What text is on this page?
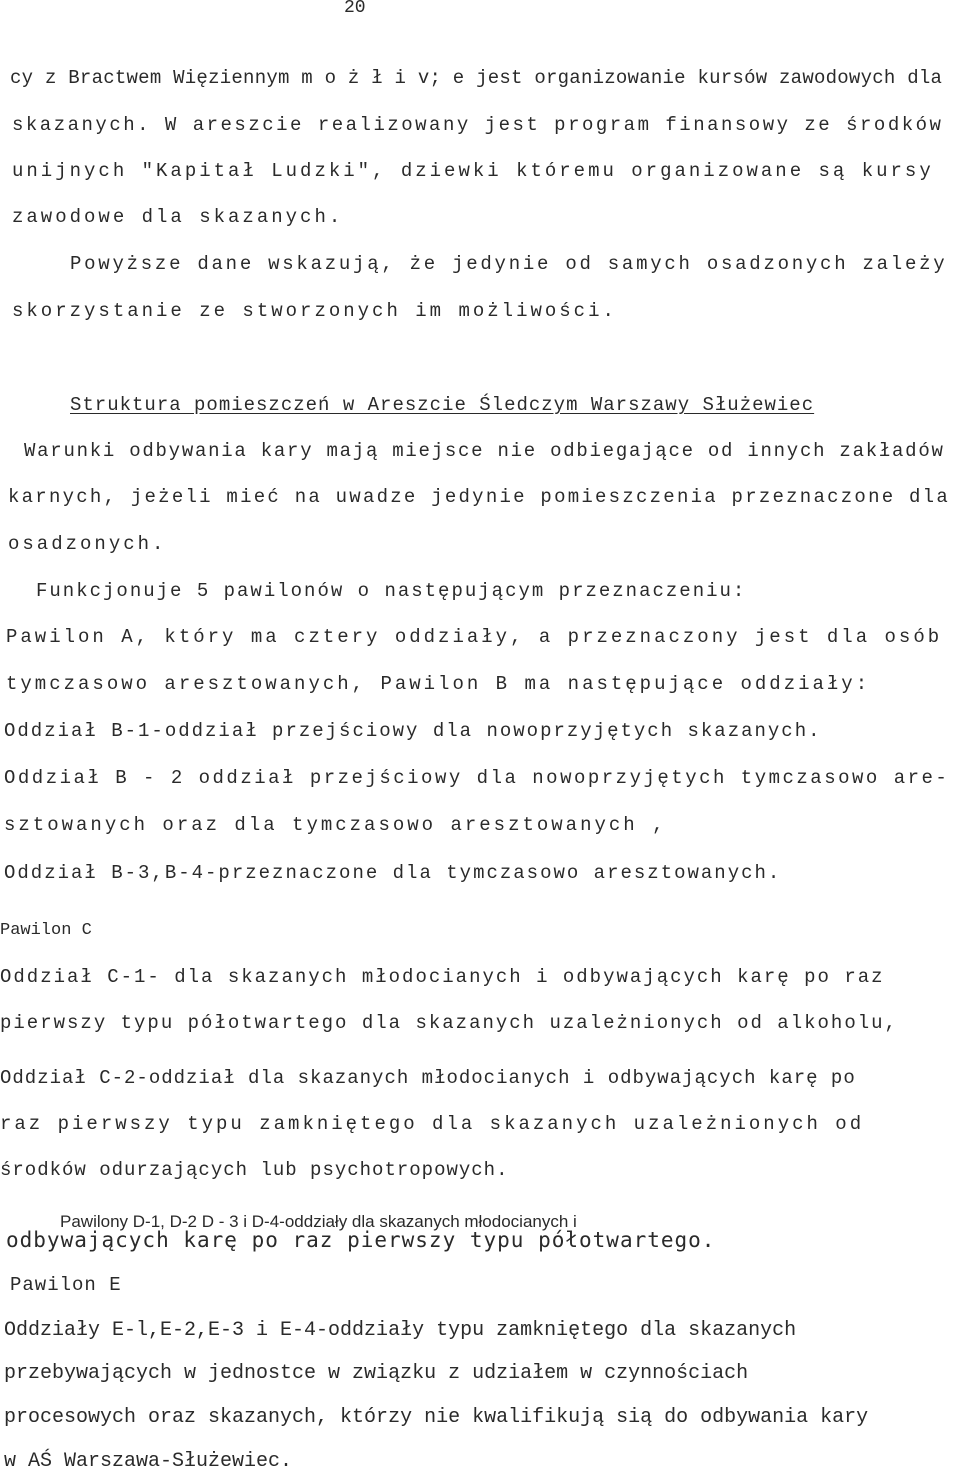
20
cy z Bractwem Więziennym m o ż ł i v; e jest organizowanie kursów zawodowych dla
skazanych. W areszcie realizowany jest program finansowy ze środków
unijnych "Kapitał Ludzki", dziewki któremu organizowane są kursy
zawodowe dla skazanych.
Powyższe dane wskazują, że jedynie od samych osadzonych zależy
skorzystanie ze stworzonych im możliwości.
Struktura pomieszczeń w Areszcie Śledczym Warszawy Służewiec
Warunki odbywania kary mają miejsce nie odbiegające od innych zakładów
karnych, jeżeli mieć na uwadze jedynie pomieszczenia przeznaczone dla
osadzonych.
Funkcjonuje 5 pawilonów o następującym przeznaczeniu:
Pawilon A, który ma cztery oddziały, a przeznaczony jest dla osób
tymczasowo aresztowanych, Pawilon B ma następujące oddziały:
Oddział B-1-oddział przejściowy dla nowoprzyjętych skazanych.
Oddział B - 2 oddział przejściowy dla nowoprzyjętych tymczasowo are-
sztowanych oraz dla tymczasowo aresztowanych ,
Oddział B-3,B-4-przeznaczone dla tymczasowo aresztowanych.
Pawilon C
Oddział C-1- dla skazanych młodocianych i odbywających karę po raz
pierwszy typu półotwartego dla skazanych uzależnionych od alkoholu,
Oddział C-2-oddział dla skazanych młodocianych i odbywających karę po
raz pierwszy typu zamkniętego dla skazanych uzależnionych od
środków odurzających lub psychotropowych.
Pawilony D-1, D-2 D - 3 i D-4-oddziały dla skazanych młodocianych i
odbywających karę po raz pierwszy typu półotwartego.
Pawilon E
Oddziały E-l,E-2,E-3 i E-4-oddziały typu zamkniętego dla skazanych
przebywających w jednostce w związku z udziałem w czynnościach
procesowych oraz skazanych, którzy nie kwalifikują sią do odbywania kary
w AŚ Warszawa-Służewiec.
